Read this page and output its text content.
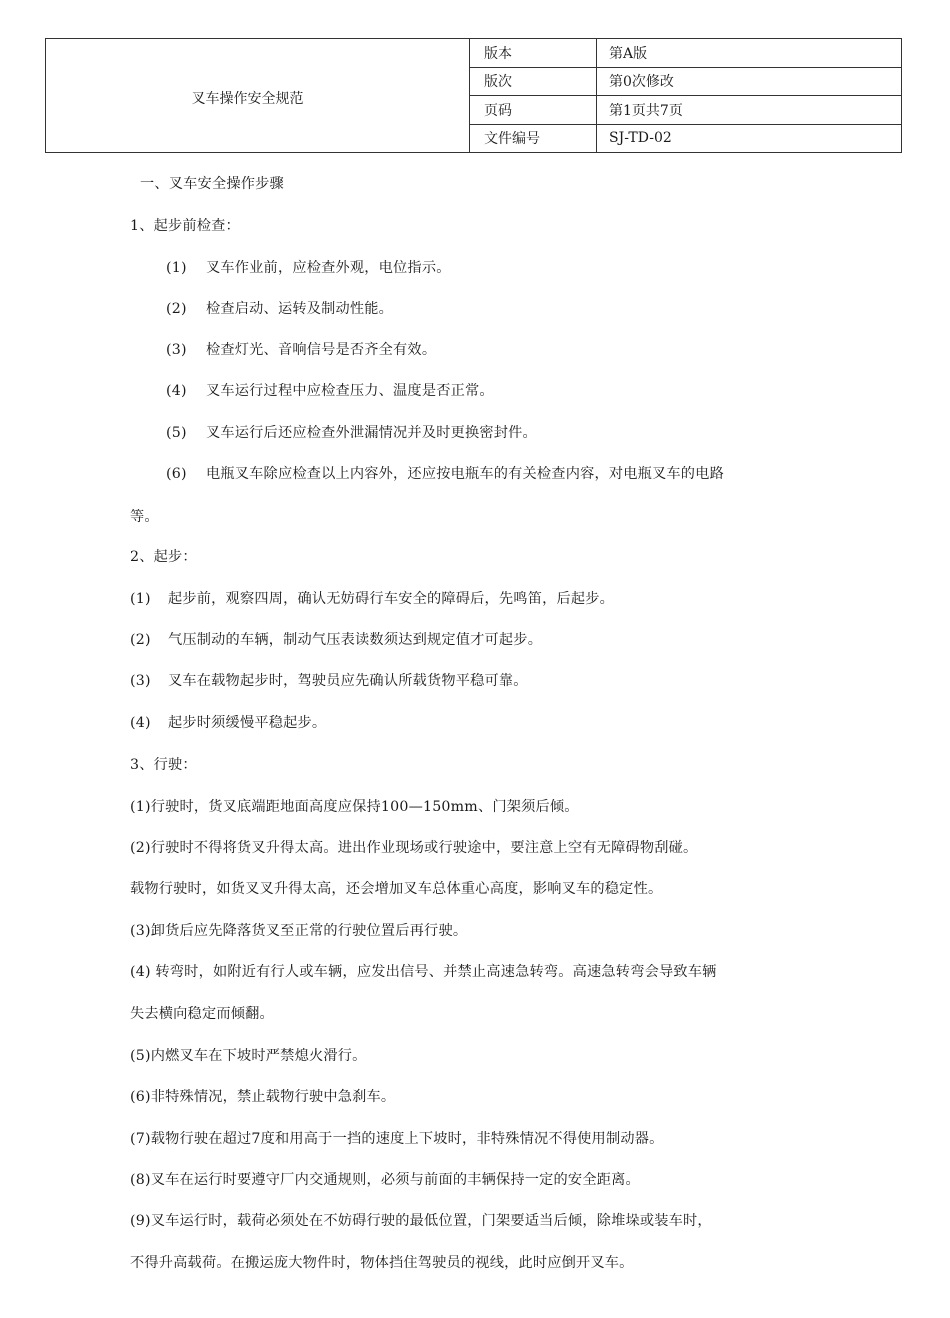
叉车操作安全规范	版本	第A版
	版次	第0次修改
	页码	第1页共7页
	文件编号	SJ-TD-02
一、叉车安全操作步骤
1、起步前检查：
(1) 叉车作业前，应检查外观，电位指示。
(2) 检查启动、运转及制动性能。
(3) 检查灯光、音响信号是否齐全有效。
(4) 叉车运行过程中应检查压力、温度是否正常。
(5) 叉车运行后还应检查外泄漏情况并及时更换密封件。
(6) 电瓶叉车除应检查以上内容外，还应按电瓶车的有关检查内容，对电瓶叉车的电路
等。
2、起步：
(1) 起步前，观察四周，确认无妨碍行车安全的障碍后，先鸣笛，后起步。
(2) 气压制动的车辆，制动气压表读数须达到规定值才可起步。
(3) 叉车在载物起步时，驾驶员应先确认所载货物平稳可靠。
(4) 起步时须缓慢平稳起步。
3、行驶：
(1)行驶时，货叉底端距地面高度应保持100—150mm、门架须后倾。
(2)行驶时不得将货叉升得太高。进出作业现场或行驶途中，要注意上空有无障碍物刮碰。
载物行驶时，如货叉叉升得太高，还会增加叉车总体重心高度，影响叉车的稳定性。
(3)卸货后应先降落货叉至正常的行驶位置后再行驶。
(4) 转弯时，如附近有行人或车辆，应发出信号、并禁止高速急转弯。高速急转弯会导致车辆
失去横向稳定而倾翻。
(5)内燃叉车在下坡时严禁熄火滑行。
(6)非特殊情况，禁止载物行驶中急刹车。
(7)载物行驶在超过7度和用高于一挡的速度上下坡时，非特殊情况不得使用制动器。
(8)叉车在运行时要遵守厂内交通规则，必须与前面的丰辆保持一定的安全距离。
(9)叉车运行时，载荷必须处在不妨碍行驶的最低位置，门架要适当后倾，除堆垛或装车时，
不得升高载荷。在搬运庞大物件时，物体挡住驾驶员的视线，此时应倒开叉车。
